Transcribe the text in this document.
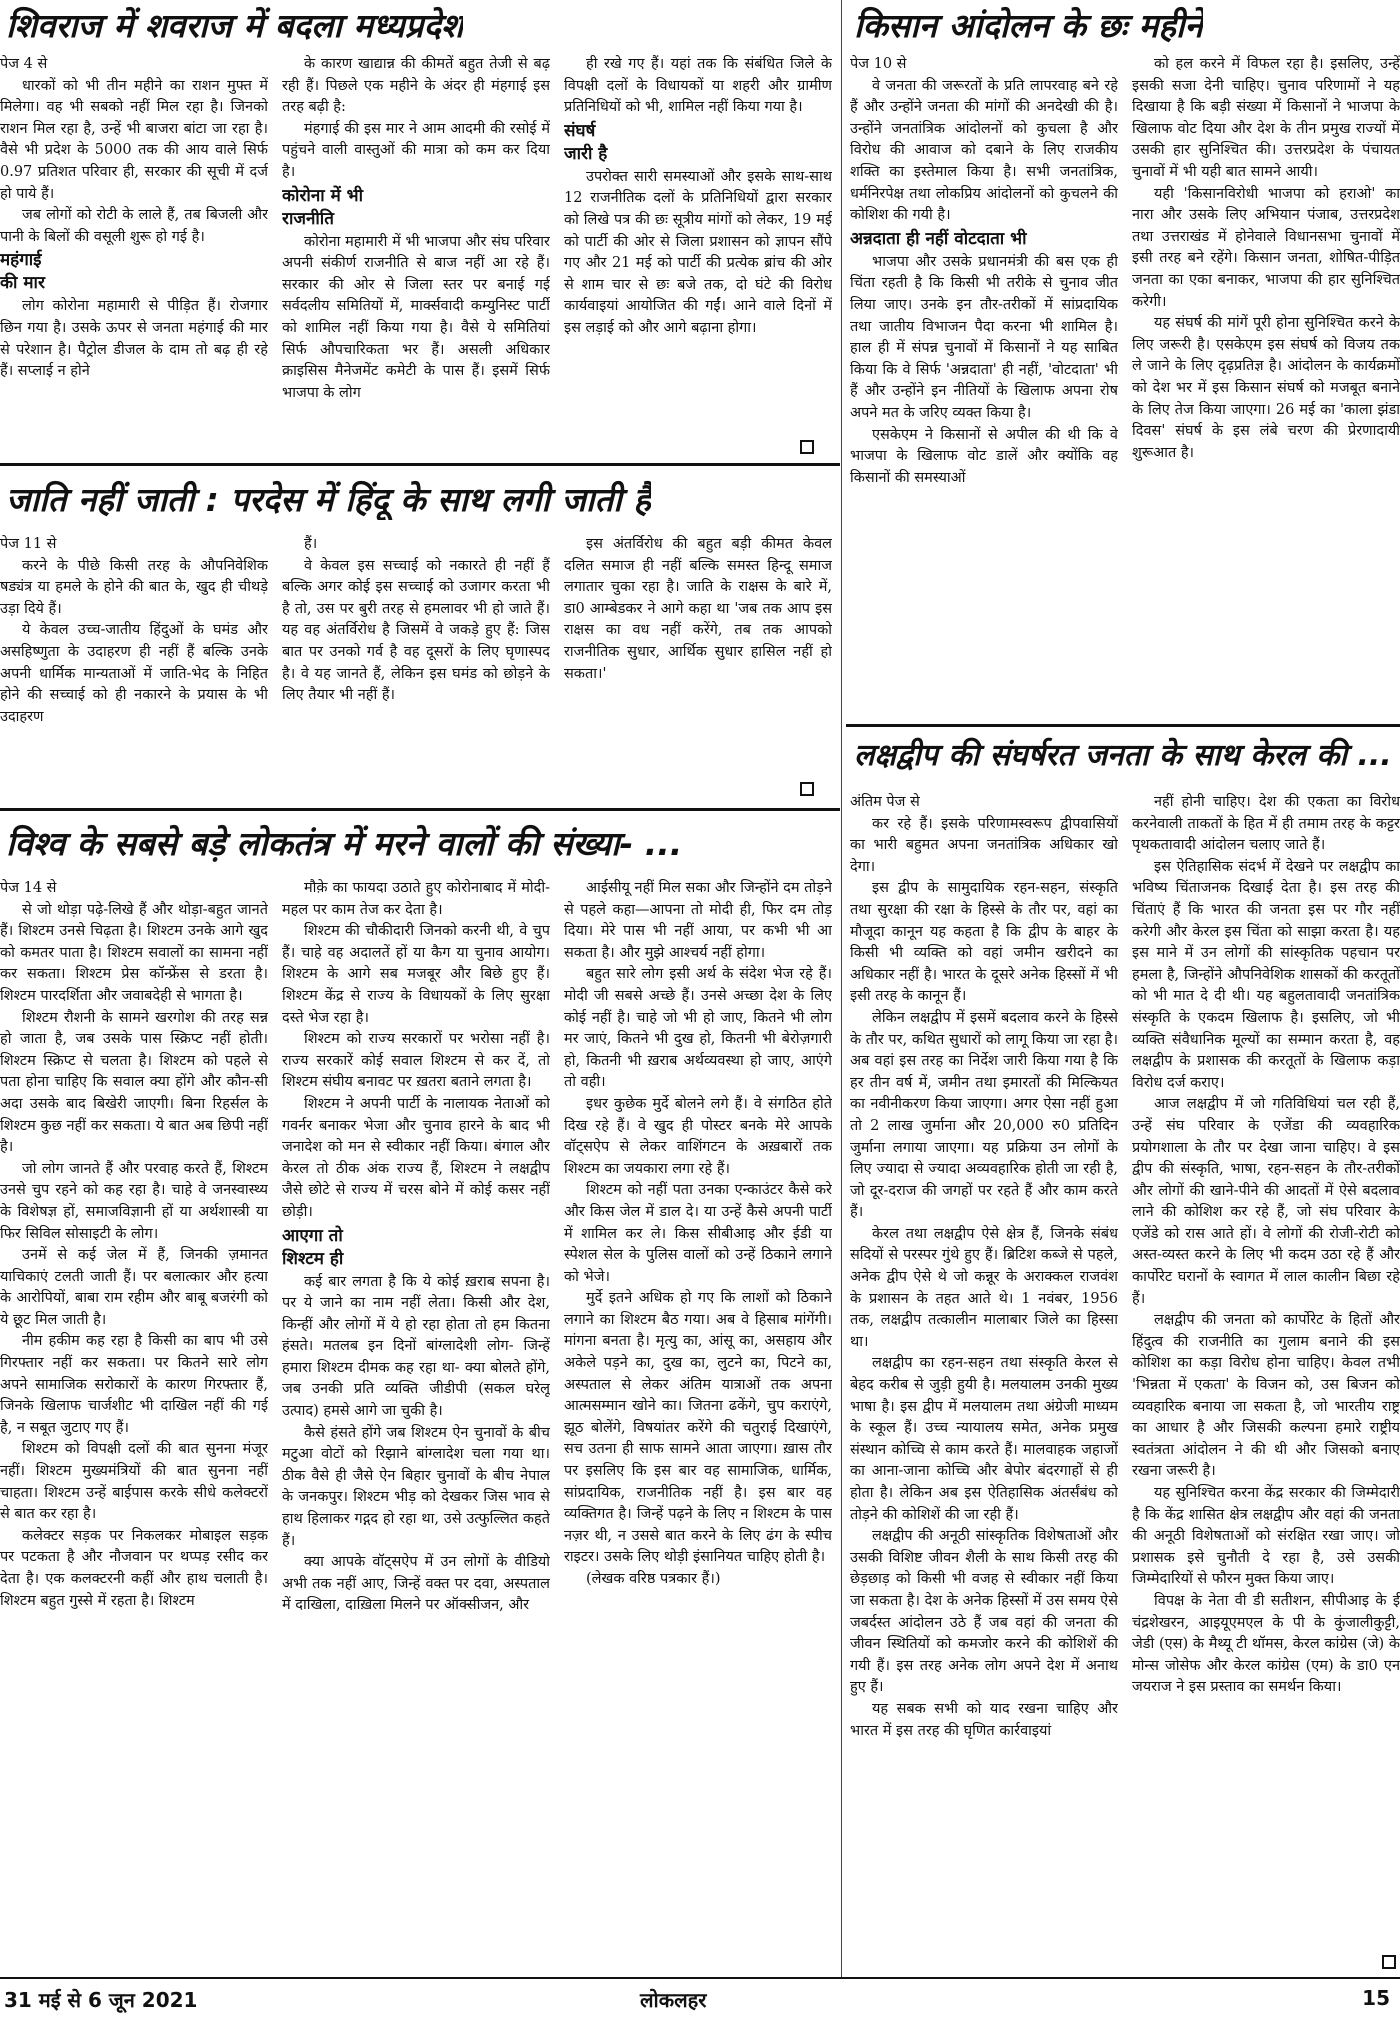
शिवराज में शवराज में बदला मध्यप्रदेश

पेज 4 से

धारकों को भी तीन महीने का राशन मुफ्त में मिलेगा। वह भी सबको नहीं मिल रहा है। जिनको राशन मिल रहा है, उन्हें भी बाजरा बांटा जा रहा है। वैसे भी प्रदेश के 5000 तक की आय वाले सिर्फ 0.97 प्रतिशत परिवार ही, सरकार की सूची में दर्ज हो पाये हैं।

जब लोगों को रोटी के लाले हैं, तब बिजली और पानी के बिलों की वसूली शुरू हो गई है।

महंगाई
की मार

लोग कोरोना महामारी से पीड़ित हैं। रोजगार छिन गया है। उसके ऊपर से जनता महंगाई की मार से परेशान है। पैट्रोल डीजल के दाम तो बढ़ ही रहे हैं। सप्लाई न होने

के कारण खाद्यान्न की कीमतें बहुत तेजी से बढ़ रही हैं। पिछले एक महीने के अंदर ही मंहगाई इस तरह बढ़ी है:

मंहगाई की इस मार ने आम आदमी की रसोई में पहुंचने वाली वास्तुओं की मात्रा को कम कर दिया है।

कोरोना में भी
राजनीति

कोरोना महामारी में भी भाजपा और संघ परिवार अपनी संकीर्ण राजनीति से बाज नहीं आ रहे हैं। सरकार की ओर से जिला स्तर पर बनाई गई सर्वदलीय समितियों में, मार्क्सवादी कम्युनिस्ट पार्टी को शामिल नहीं किया गया है। वैसे ये समितियां सिर्फ औपचारिकता भर हैं। असली अधिकार क्राइसिस मैनेजमेंट कमेटी के पास हैं। इसमें सिर्फ भाजपा के लोग

ही रखे गए हैं। यहां तक कि संबंधित जिले के विपक्षी दलों के विधायकों या शहरी और ग्रामीण प्रतिनिधियों को भी, शामिल नहीं किया गया है।

संघर्ष
जारी है

उपरोक्त सारी समस्याओं और इसके साथ-साथ 12 राजनीतिक दलों के प्रतिनिधियों द्वारा सरकार को लिखे पत्र की छः सूत्रीय मांगों को लेकर, 19 मई को पार्टी की ओर से जिला प्रशासन को ज्ञापन सौंपे गए और 21 मई को पार्टी की प्रत्येक ब्रांच की ओर से शाम चार से छः बजे तक, दो घंटे की विरोध कार्यवाइयां आयोजित की गईं। आने वाले दिनों में इस लड़ाई को और आगे बढ़ाना होगा।

किसान आंदोलन के छः महीने

पेज 10 से

वे जनता की जरूरतों के प्रति लापरवाह बने रहे हैं और उन्होंने जनता की मांगों की अनदेखी की है। उन्होंने जनतांत्रिक आंदोलनों को कुचला है और विरोध की आवाज को दबाने के लिए राजकीय शक्ति का इस्तेमाल किया है। सभी जनतांत्रिक, धर्मनिरपेक्ष तथा लोकप्रिय आंदोलनों को कुचलने की कोशिश की गयी है।

अन्नदाता ही नहीं वोटदाता भी

भाजपा और उसके प्रधानमंत्री की बस एक ही चिंता रहती है कि किसी भी तरीके से चुनाव जीत लिया जाए। उनके इन तौर-तरीकों में सांप्रदायिक तथा जातीय विभाजन पैदा करना भी शामिल है। हाल ही में संपन्न चुनावों में किसानों ने यह साबित किया कि वे सिर्फ 'अन्नदाता' ही नहीं, 'वोटदाता' भी हैं और उन्होंने इन नीतियों के खिलाफ अपना रोष अपने मत के जरिए व्यक्त किया है।

एसकेएम ने किसानों से अपील की थी कि वे भाजपा के खिलाफ वोट डालें और क्योंकि वह किसानों की समस्याओं

को हल करने में विफल रहा है। इसलिए, उन्हें इसकी सजा देनी चाहिए। चुनाव परिणामों ने यह दिखाया है कि बड़ी संख्या में किसानों ने भाजपा के खिलाफ वोट दिया और देश के तीन प्रमुख राज्यों में उसकी हार सुनिश्चित की। उत्तरप्रदेश के पंचायत चुनावों में भी यही बात सामने आयी।

यही 'किसानविरोधी भाजपा को हराओ' का नारा और उसके लिए अभियान पंजाब, उत्तरप्रदेश तथा उत्तराखंड में होनेवाले विधानसभा चुनावों में इसी तरह बने रहेंगे। किसान जनता, शोषित-पीड़ित जनता का एका बनाकर, भाजपा की हार सुनिश्चित करेगी।

यह संघर्ष की मांगें पूरी होना सुनिश्चित करने के लिए जरूरी है। एसकेएम इस संघर्ष को विजय तक ले जाने के लिए दृढ़प्रतिज्ञ है। आंदोलन के कार्यक्रमों को देश भर में इस किसान संघर्ष को मजबूत बनाने के लिए तेज किया जाएगा। 26 मई का 'काला झंडा दिवस' संघर्ष के इस लंबे चरण की प्रेरणादायी शुरूआत है।

जाति नहीं जाती : परदेस में हिंदू के साथ लगी जाती है

पेज 11 से

करने के पीछे किसी तरह के औपनिवेशिक षड्यंत्र या हमले के होने की बात के, खुद ही चीथड़े उड़ा दिये हैं।

ये केवल उच्च-जातीय हिंदुओं के घमंड और असहिष्णुता के उदाहरण ही नहीं हैं बल्कि उनके अपनी धार्मिक मान्यताओं में जाति-भेद के निहित होने की सच्चाई को ही नकारने के प्रयास के भी उदाहरण

हैं।

वे केवल इस सच्चाई को नकारते ही नहीं हैं बल्कि अगर कोई इस सच्चाई को उजागर करता भी है तो, उस पर बुरी तरह से हमलावर भी हो जाते हैं। यह वह अंतर्विरोध है जिसमें वे जकड़े हुए हैं: जिस बात पर उनको गर्व है वह दूसरों के लिए घृणास्पद है। वे यह जानते हैं, लेकिन इस घमंड को छोड़ने के लिए तैयार भी नहीं हैं।

इस अंतर्विरोध की बहुत बड़ी कीमत केवल दलित समाज ही नहीं बल्कि समस्त हिन्दू समाज लगातार चुका रहा है। जाति के राक्षस के बारे में, डा0 आम्बेडकर ने आगे कहा था 'जब तक आप इस राक्षस का वध नहीं करेंगे, तब तक आपको राजनीतिक सुधार, आर्थिक सुधार हासिल नहीं हो सकता।'

लक्षद्वीप की संघर्षरत जनता के साथ केरल की ...

अंतिम पेज से

कर रहे हैं। इसके परिणामस्वरूप द्वीपवासियों का भारी बहुमत अपना जनतांत्रिक अधिकार खो देगा।

इस द्वीप के सामुदायिक रहन-सहन, संस्कृति तथा सुरक्षा की रक्षा के हिस्से के तौर पर, वहां का मौजूदा कानून यह कहता है कि द्वीप के बाहर के किसी भी व्यक्ति को वहां जमीन खरीदने का अधिकार नहीं है। भारत के दूसरे अनेक हिस्सों में भी इसी तरह के कानून हैं।

लेकिन लक्षद्वीप में इसमें बदलाव करने के हिस्से के तौर पर, कथित सुधारों को लागू किया जा रहा है। अब वहां इस तरह का निर्देश जारी किया गया है कि हर तीन वर्ष में, जमीन तथा इमारतों की मिल्कियत का नवीनीकरण किया जाएगा। अगर ऐसा नहीं हुआ तो 2 लाख जुर्माना और 20,000 रु0 प्रतिदिन जुर्माना लगाया जाएगा। यह प्रक्रिया उन लोगों के लिए ज्यादा से ज्यादा अव्यवहारिक होती जा रही है, जो दूर-दराज की जगहों पर रहते हैं और काम करते हैं।

केरल तथा लक्षद्वीप ऐसे क्षेत्र हैं, जिनके संबंध सदियों से परस्पर गुंथे हुए हैं। ब्रिटिश कब्जे से पहले, अनेक द्वीप ऐसे थे जो कन्नूर के अराक्कल राजवंश के प्रशासन के तहत आते थे। 1 नवंबर, 1956 तक, लक्षद्वीप तत्कालीन मालाबार जिले का हिस्सा था।

लक्षद्वीप का रहन-सहन तथा संस्कृति केरल से बेहद करीब से जुड़ी हुयी है। मलयालम उनकी मुख्य भाषा है। इस द्वीप में मलयालम तथा अंग्रेजी माध्यम के स्कूल हैं। उच्च न्यायालय समेत, अनेक प्रमुख संस्थान कोच्चि से काम करते हैं। मालवाहक जहाजों का आना-जाना कोच्चि और बेपोर बंदरगाहों से ही होता है। लेकिन अब इस ऐतिहासिक अंतर्संबंध को तोड़ने की कोशिशें की जा रही हैं।

लक्षद्वीप की अनूठी सांस्कृतिक विशेषताओं और उसकी विशिष्ट जीवन शैली के साथ किसी तरह की छेड़छाड़ को किसी भी वजह से स्वीकार नहीं किया जा सकता है। देश के अनेक हिस्सों में उस समय ऐसे जबर्दस्त आंदोलन उठे हैं जब वहां की जनता की जीवन स्थितियों को कमजोर करने की कोशिशें की गयी हैं। इस तरह अनेक लोग अपने देश में अनाथ हुए हैं।

यह सबक सभी को याद रखना चाहिए और भारत में इस तरह की घृणित कार्रवाइयां

नहीं होनी चाहिए। देश की एकता का विरोध करनेवाली ताकतों के हित में ही तमाम तरह के कट्टर पृथकतावादी आंदोलन चलाए जाते हैं।

इस ऐतिहासिक संदर्भ में देखने पर लक्षद्वीप का भविष्य चिंताजनक दिखाई देता है। इस तरह की चिंताएं हैं कि भारत की जनता इस पर गौर नहीं करेगी और केरल इस चिंता को साझा करता है। यह इस माने में उन लोगों की सांस्कृतिक पहचान पर हमला है, जिन्होंने औपनिवेशिक शासकों की करतूतों को भी मात दे दी थी। यह बहुलतावादी जनतांत्रिक संस्कृति के एकदम खिलाफ है। इसलिए, जो भी व्यक्ति संवैधानिक मूल्यों का सम्मान करता है, वह लक्षद्वीप के प्रशासक की करतूतों के खिलाफ कड़ा विरोध दर्ज कराए।

आज लक्षद्वीप में जो गतिविधियां चल रही हैं, उन्हें संघ परिवार के एजेंडा की व्यवहारिक प्रयोगशाला के तौर पर देखा जाना चाहिए। वे इस द्वीप की संस्कृति, भाषा, रहन-सहन के तौर-तरीकों और लोगों की खाने-पीने की आदतों में ऐसे बदलाव लाने की कोशिश कर रहे हैं, जो संघ परिवार के एजेंडे को रास आते हों। वे लोगों की रोजी-रोटी को अस्त-व्यस्त करने के लिए भी कदम उठा रहे हैं और कार्पोरेट घरानों के स्वागत में लाल कालीन बिछा रहे हैं।

लक्षद्वीप की जनता को कार्पोरेट के हितों और हिंदुत्व की राजनीति का गुलाम बनाने की इस कोशिश का कड़ा विरोध होना चाहिए। केवल तभी 'भिन्नता में एकता' के विजन को, उस बिजन को व्यवहारिक बनाया जा सकता है, जो भारतीय राष्ट्र का आधार है और जिसकी कल्पना हमारे राष्ट्रीय स्वतंत्रता आंदोलन ने की थी और जिसको बनाए रखना जरूरी है।

यह सुनिश्चित करना केंद्र सरकार की जिम्मेदारी है कि केंद्र शासित क्षेत्र लक्षद्वीप और वहां की जनता की अनूठी विशेषताओं को संरक्षित रखा जाए। जो प्रशासक इसे चुनौती दे रहा है, उसे उसकी जिम्मेदारियों से फौरन मुक्त किया जाए।

विपक्ष के नेता वी डी सतीशन, सीपीआइ के ई चंद्रशेखरन, आइयूएमएल के पी के कुंजालीकुट्टी, जेडी (एस) के मैथ्यू टी थॉमस, केरल कांग्रेस (जे) के मोन्स जोसेफ और केरल कांग्रेस (एम) के डा0 एन जयराज ने इस प्रस्ताव का समर्थन किया।

विश्व के सबसे बड़े लोकतंत्र में मरने वालों की संख्या- ...

पेज 14 से

से जो थोड़ा पढ़े-लिखे हैं और थोड़ा-बहुत जानते हैं। शिश्टम उनसे चिढ़ता है। शिश्टम उनके आगे खुद को कमतर पाता है। शिश्टम सवालों का सामना नहीं कर सकता। शिश्टम प्रेस कॉन्फ्रेंस से डरता है। शिश्टम पारदर्शिता और जवाबदेही से भागता है।

शिश्टम रौशनी के सामने खरगोश की तरह सन्न हो जाता है, जब उसके पास स्क्रिप्ट नहीं होती। शिश्टम स्क्रिप्ट से चलता है। शिश्टम को पहले से पता होना चाहिए कि सवाल क्या होंगे और कौन-सी अदा उसके बाद बिखेरी जाएगी। बिना रिहर्सल के शिश्टम कुछ नहीं कर सकता। ये बात अब छिपी नहीं है।

जो लोग जानते हैं और परवाह करते हैं, शिश्टम उनसे चुप रहने को कह रहा है। चाहे वे जनस्वास्थ्य के विशेषज्ञ हों, समाजविज्ञानी हों या अर्थशास्त्री या फिर सिविल सोसाइटी के लोग।

उनमें से कई जेल में हैं, जिनकी ज़मानत याचिकाएं टलती जाती हैं। पर बलात्कार और हत्या के आरोपियों, बाबा राम रहीम और बाबू बजरंगी को ये छूट मिल जाती है।

नीम हकीम कह रहा है किसी का बाप भी उसे गिरफ्तार नहीं कर सकता। पर कितने सारे लोग अपने सामाजिक सरोकारों के कारण गिरफ्तार हैं, जिनके खिलाफ चार्जशीट भी दाखिल नहीं की गई है, न सबूत जुटाए गए हैं।

शिश्टम को विपक्षी दलों की बात सुनना मंजूर नहीं। शिश्टम मुख्यमंत्रियों की बात सुनना नहीं चाहता। शिश्टम उन्हें बाईपास करके सीधे कलेक्टरों से बात कर रहा है।

कलेक्टर सड़क पर निकलकर मोबाइल सड़क पर पटकता है और नौजवान पर थप्पड़ रसीद कर देता है। एक कलक्टरनी कहीं और हाथ चलाती है। शिश्टम बहुत गुस्से में रहता है। शिश्टम

मौक़े का फायदा उठाते हुए कोरोनाबाद में मोदी-महल पर काम तेज कर देता है।

शिश्टम की चौकीदारी जिनको करनी थी, वे चुप हैं। चाहे वह अदालतें हों या कैग या चुनाव आयोग। शिश्टम के आगे सब मजबूर और बिछे हुए हैं। शिश्टम केंद्र से राज्य के विधायकों के लिए सुरक्षा दस्ते भेज रहा है।

शिश्टम को राज्य सरकारों पर भरोसा नहीं है। राज्य सरकारें कोई सवाल शिश्टम से कर दें, तो शिश्टम संघीय बनावट पर ख़तरा बताने लगता है।

शिश्टम ने अपनी पार्टी के नालायक नेताओं को गवर्नर बनाकर भेजा और चुनाव हारने के बाद भी जनादेश को मन से स्वीकार नहीं किया। बंगाल और केरल तो ठीक अंक राज्य हैं, शिश्टम ने लक्षद्वीप जैसे छोटे से राज्य में चरस बोने में कोई कसर नहीं छोड़ी।

आएगा तो
शिश्टम ही

कई बार लगता है कि ये कोई ख़राब सपना है। पर ये जाने का नाम नहीं लेता। किसी और देश, किन्हीं और लोगों में ये हो रहा होता तो हम कितना हंसते। मतलब इन दिनों बांग्लादेशी लोग- जिन्हें हमारा शिश्टम दीमक कह रहा था- क्या बोलते होंगे, जब उनकी प्रति व्यक्ति जीडीपी (सकल घरेलू उत्पाद) हमसे आगे जा चुकी है।

कैसे हंसते होंगे जब शिश्टम ऐन चुनावों के बीच मटुआ वोटों को रिझाने बांग्लादेश चला गया था। ठीक वैसे ही जैसे ऐन बिहार चुनावों के बीच नेपाल के जनकपुर। शिश्टम भीड़ को देखकर जिस भाव से हाथ हिलाकर गद्गद हो रहा था, उसे उत्फुल्लित कहते हैं।

क्या आपके वॉट्सऐप में उन लोगों के वीडियो अभी तक नहीं आए, जिन्हें वक्त पर दवा, अस्पताल में दाखिला, दाख़िला मिलने पर ऑक्सीजन, और

आईसीयू नहीं मिल सका और जिन्होंने दम तोड़ने से पहले कहा—आपना तो मोदी ही, फिर दम तोड़ दिया। मेरे पास भी नहीं आया, पर कभी भी आ सकता है। और मुझे आश्चर्य नहीं होगा।

बहुत सारे लोग इसी अर्थ के संदेश भेज रहे हैं। मोदी जी सबसे अच्छे हैं। उनसे अच्छा देश के लिए कोई नहीं है। चाहे जो भी हो जाए, कितने भी लोग मर जाएं, कितने भी दुख हो, कितनी भी बेरोज़गारी हो, कितनी भी ख़राब अर्थव्यवस्था हो जाए, आएंगे तो वही।

इधर कुछेक मुर्दे बोलने लगे हैं। वे संगठित होते दिख रहे हैं। वे खुद ही पोस्टर बनके मेरे आपके वॉट्सऐप से लेकर वाशिंगटन के अख़बारों तक शिश्टम का जयकारा लगा रहे हैं।

शिश्टम को नहीं पता उनका एन्काउंटर कैसे करे और किस जेल में डाल दे। या उन्हें कैसे अपनी पार्टी में शामिल कर ले। किस सीबीआइ और ईडी या स्पेशल सेल के पुलिस वालों को उन्हें ठिकाने लगाने को भेजे।

मुर्दे इतने अधिक हो गए कि लाशों को ठिकाने लगाने का शिश्टम बैठ गया। अब वे हिसाब मांगेंगी। मांगना बनता है। मृत्यु का, आंसू का, असहाय और अकेले पड़ने का, दुख का, लुटने का, पिटने का, अस्पताल से लेकर अंतिम यात्राओं तक अपना आत्मसम्मान खोने का। जितना ढकेंगे, चुप कराएंगे, झूठ बोलेंगे, विषयांतर करेंगे की चतुराई दिखाएंगे, सच उतना ही साफ सामने आता जाएगा। ख़ास तौर पर इसलिए कि इस बार वह सामाजिक, धार्मिक, सांप्रदायिक, राजनीतिक नहीं है। इस बार वह व्यक्तिगत है। जिन्हें पढ़ने के लिए न शिश्टम के पास नज़र थी, न उससे बात करने के लिए ढंग के स्पीच राइटर। उसके लिए थोड़ी इंसानियत चाहिए होती है।

(लेखक वरिष्ठ पत्रकार हैं।)

31 मई से 6 जून 2021	लोकलहर	15
